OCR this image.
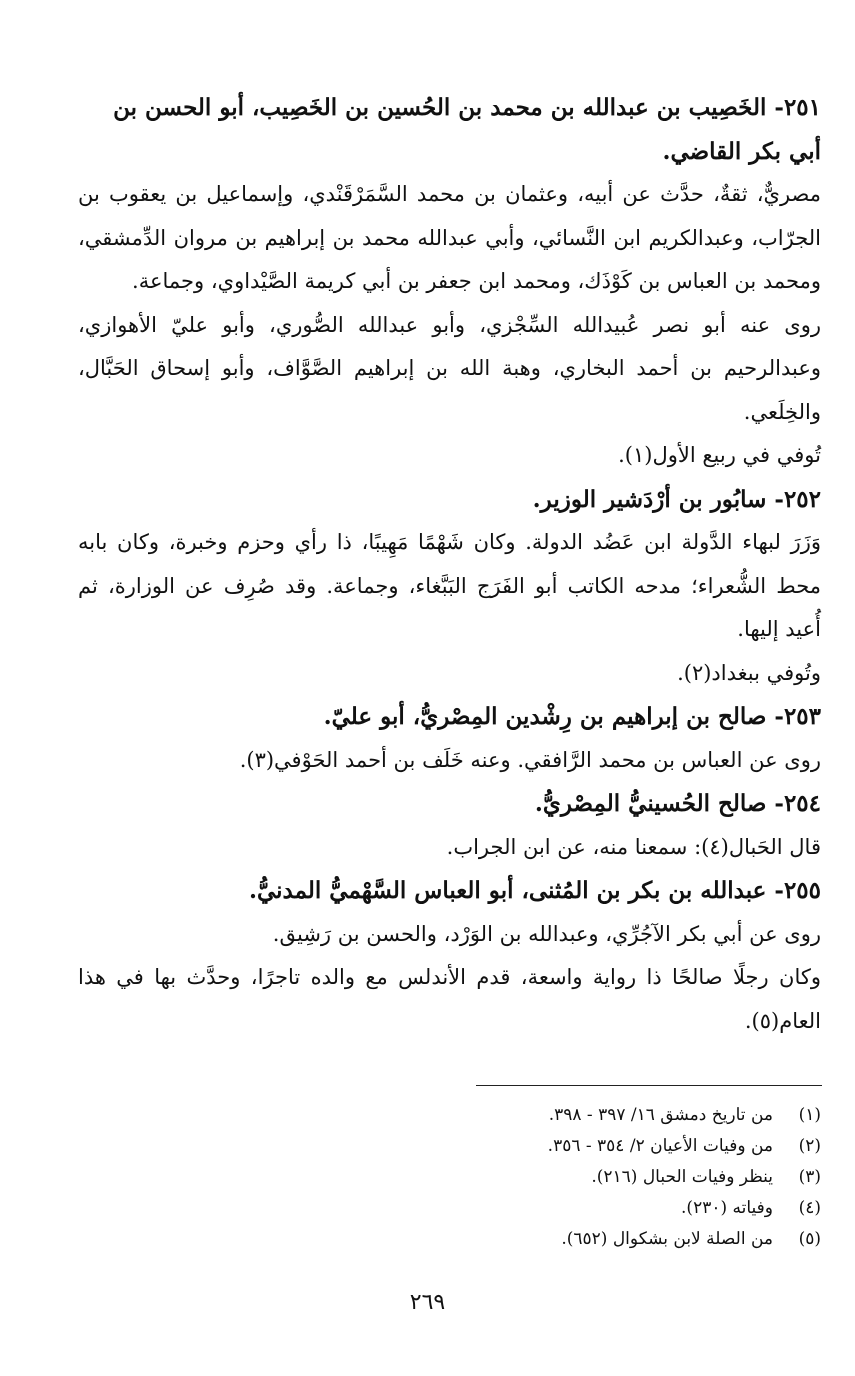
٢٥١- الخَصِيب بن عبدالله بن محمد بن الحُسين بن الخَصِيب، أبو الحسن بن أبي بكر القاضي.
مصريٌّ، ثقةٌ، حدَّث عن أبيه، وعثمان بن محمد السَّمَرْقَنْدي، وإسماعيل بن يعقوب بن الجرّاب، وعبدالكريم ابن النَّسائي، وأبي عبدالله محمد بن إبراهيم بن مروان الدِّمشقي، ومحمد بن العباس بن كَوْذَك، ومحمد ابن جعفر بن أبي كريمة الصَّيْداوي، وجماعة.
روى عنه أبو نصر عُبيدالله السِّجْزي، وأبو عبدالله الصُّوري، وأبو عليّ الأهوازي، وعبدالرحيم بن أحمد البخاري، وهبة الله بن إبراهيم الصَّوَّاف، وأبو إسحاق الحَبَّال، والخِلَعي.
تُوفي في ربيع الأول(١).
٢٥٢- سابُور بن أرْدَشير الوزير.
وَزَرَ لبهاء الدَّولة ابن عَضُد الدولة. وكان شَهْمًا مَهِيبًا، ذا رأي وحزم وخبرة، وكان بابه محط الشُّعراء؛ مدحه الكاتب أبو الفَرَج البَبَّغاء، وجماعة. وقد صُرِف عن الوزارة، ثم أُعيد إليها.
وتُوفي ببغداد(٢).
٢٥٣- صالح بن إبراهيم بن رِشْدين المِصْريُّ، أبو عليّ.
روى عن العباس بن محمد الرَّافقي. وعنه خَلَف بن أحمد الحَوْفي(٣).
٢٥٤- صالح الحُسينيُّ المِصْريُّ.
قال الحَبال(٤): سمعنا منه، عن ابن الجراب.
٢٥٥- عبدالله بن بكر بن المُثنى، أبو العباس السَّهْميُّ المدنيُّ.
روى عن أبي بكر الآجُرِّي، وعبدالله بن الوَرْد، والحسن بن رَشِيق.
وكان رجلًا صالحًا ذا رواية واسعة، قدم الأندلس مع والده تاجرًا، وحدَّث بها في هذا العام(٥).
(١)
من تاريخ دمشق ١٦/ ٣٩٧ - ٣٩٨.
(٢)
من وفيات الأعيان ٢/ ٣٥٤ - ٣٥٦.
(٣)
ينظر وفيات الحبال (٢١٦).
(٤)
وفياته (٢٣٠).
(٥)
من الصلة لابن بشكوال (٦٥٢).
٢٦٩
